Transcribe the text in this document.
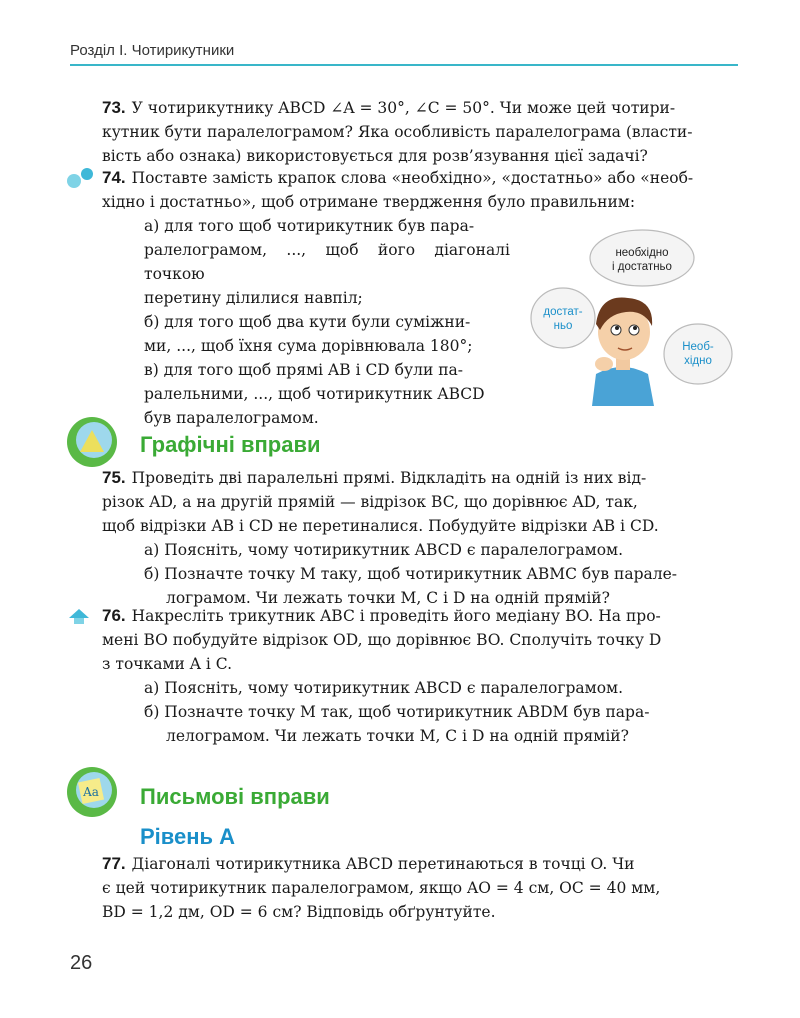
Розділ І. Чотирикутники
73. У чотирикутнику ABCD ∠A = 30°, ∠C = 50°. Чи може цей чотири-
кутник бути паралелограмом? Яка особливість паралелограма (власти-
вість або ознака) використовується для розв’язування цієї задачі?
74. Поставте замість крапок слова «необхідно», «достатньо» або «необ-
хідно і достатньо», щоб отримане твердження було правильним:
а) для того щоб чотирикутник був пара-
ралелограмом, ..., щоб його діагоналі точкою
перетину ділилися навпіл;
б) для того щоб два кути були суміжни-
ми, ..., щоб їхня сума дорівнювала 180°;
в) для того щоб прямі AB і CD були па-
ралельними, ..., щоб чотирикутник ABCD
був паралелограмом.
необхідно
і достатньо
достат-
ньо
Необ-
хідно
Графічні вправи
75. Проведіть дві паралельні прямі. Відкладіть на одній із них від-
різок AD, а на другій прямій — відрізок BC, що дорівнює AD, так,
щоб відрізки AB і CD не перетиналися. Побудуйте відрізки AB і CD.
а) Поясніть, чому чотирикутник ABCD є паралелограмом.
б) Позначте точку M таку, щоб чотирикутник ABMC був парале-
лограмом. Чи лежать точки M, C і D на одній прямій?
76. Накресліть трикутник ABC і проведіть його медіану BO. На про-
мені BO побудуйте відрізок OD, що дорівнює BO. Сполучіть точку D
з точками A і C.
а) Поясніть, чому чотирикутник ABCD є паралелограмом.
б) Позначте точку M так, щоб чотирикутник ABDM був пара-
лелограмом. Чи лежать точки M, C і D на одній прямій?
Aa Письмові вправи
Рівень А
77. Діагоналі чотирикутника ABCD перетинаються в точці O. Чи
є цей чотирикутник паралелограмом, якщо AO = 4 см, OC = 40 мм,
BD = 1,2 дм, OD = 6 см? Відповідь обґрунтуйте.
26
